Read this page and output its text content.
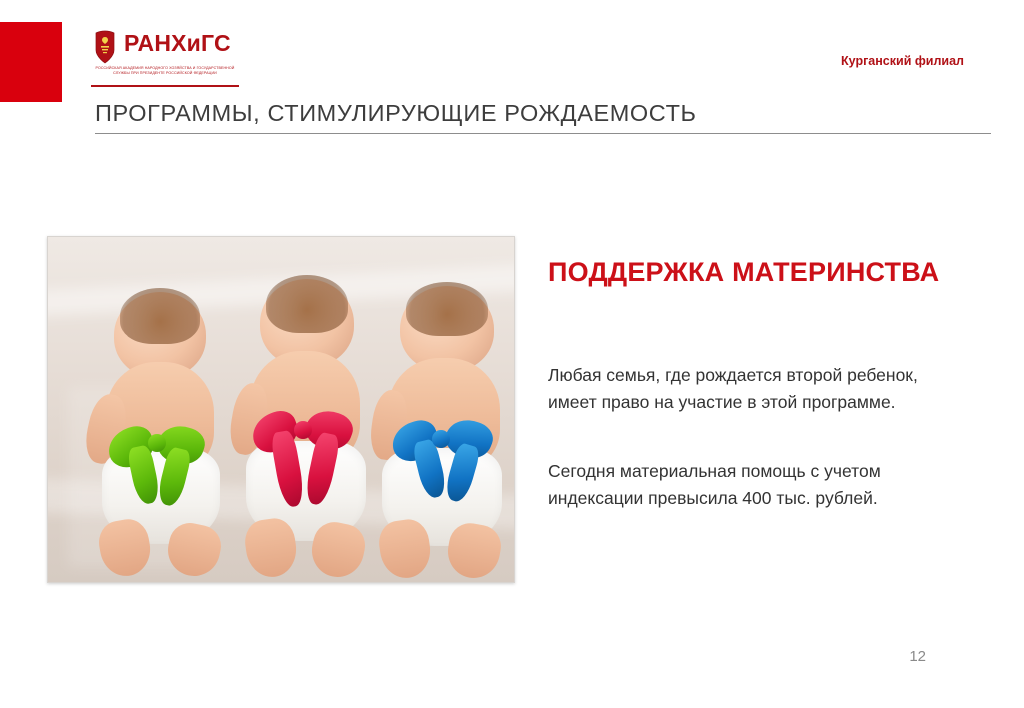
РАНХиГС
РОССИЙСКАЯ АКАДЕМИЯ НАРОДНОГО ХОЗЯЙСТВА И ГОСУДАРСТВЕННОЙ СЛУЖБЫ ПРИ ПРЕЗИДЕНТЕ РОССИЙСКОЙ ФЕДЕРАЦИИ
Курганский филиал
ПРОГРАММЫ, СТИМУЛИРУЮЩИЕ РОЖДАЕМОСТЬ
ПОДДЕРЖКА МАТЕРИНСТВА
Любая семья, где рождается второй ребенок, имеет право на участие в этой программе.
Сегодня материальная помощь с учетом индексации превысила 400 тыс. рублей.
12
